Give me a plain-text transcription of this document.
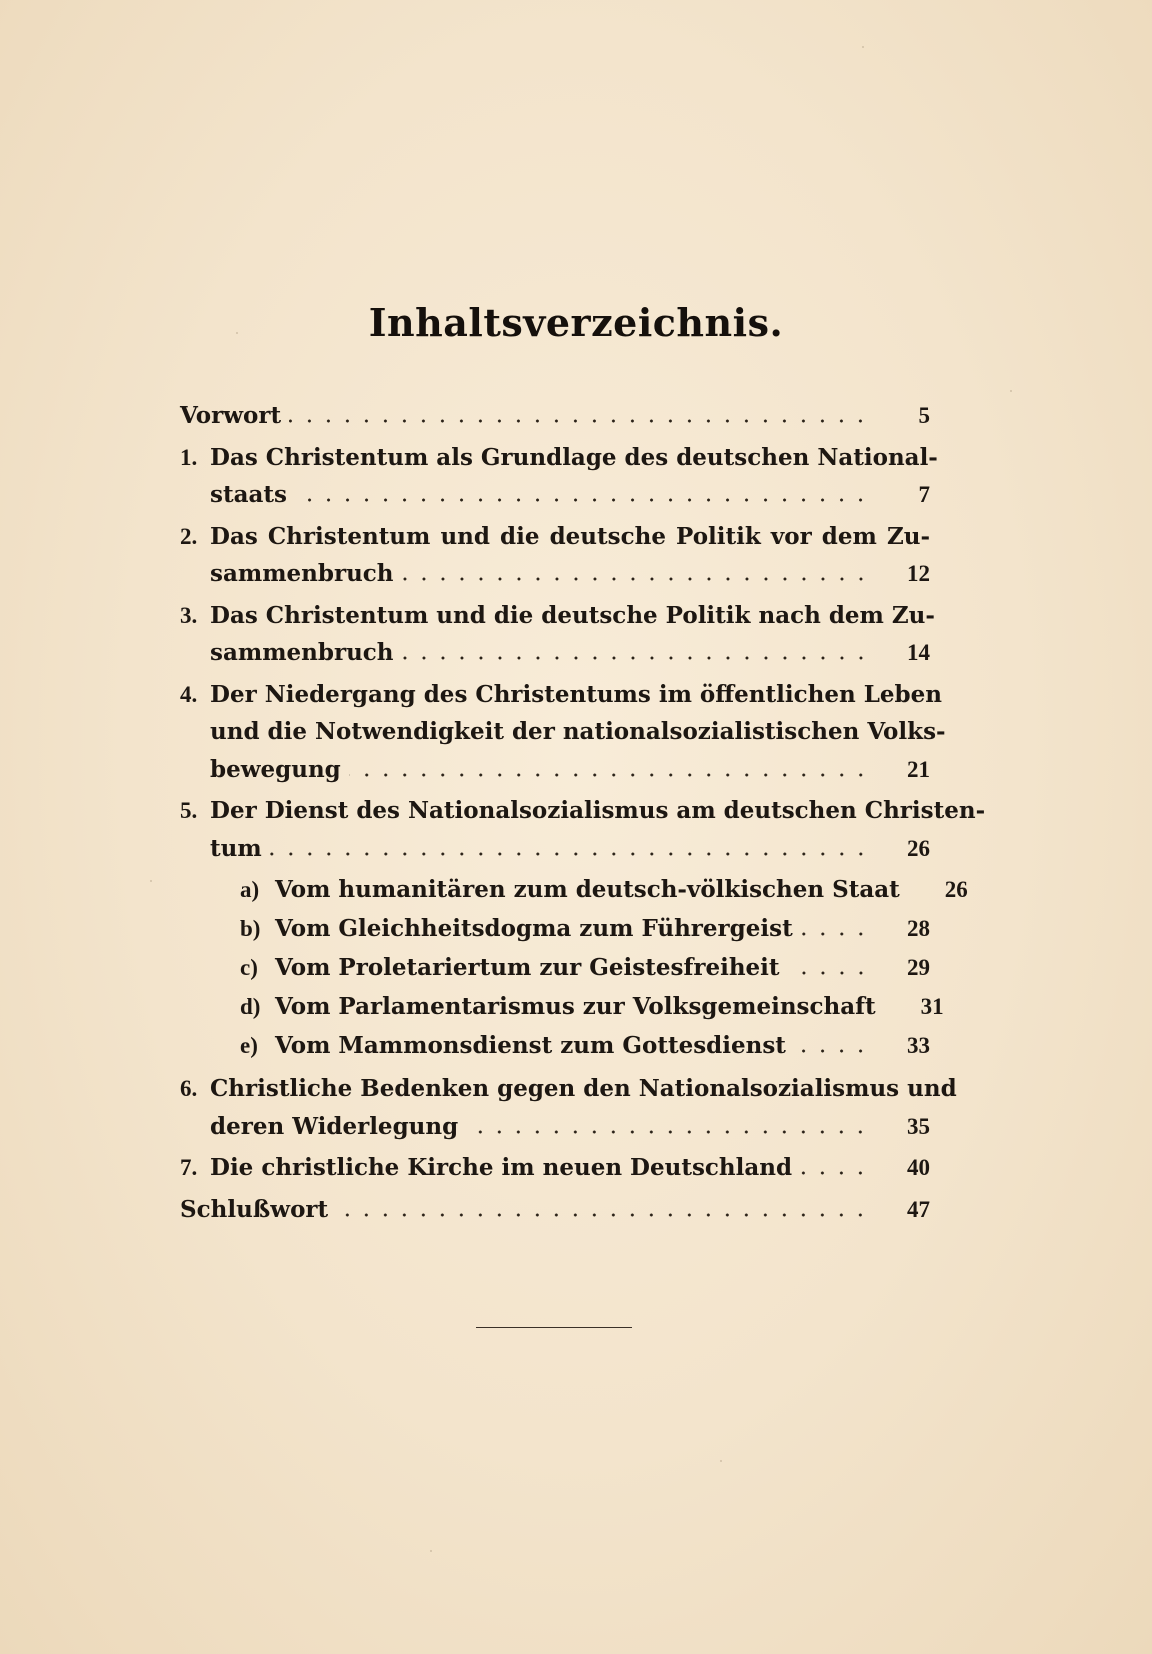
Inhaltsverzeichnis.
Vorwort	5
1. Das Christentum als Grundlage des deutschen National-
staats	7
2. Das Christentum und die deutsche Politik vor dem Zu-
sammenbruch	12
3. Das Christentum und die deutsche Politik nach dem Zu-
sammenbruch	14
4. Der Niedergang des Christentums im öffentlichen Leben
und die Notwendigkeit der nationalsozialistischen Volks-
bewegung	21
5. Der Dienst des Nationalsozialismus am deutschen Christen-
tum	26
a) Vom humanitären zum deutsch-völkischen Staat	26
b) Vom Gleichheitsdogma zum Führergeist	28
c) Vom Proletariertum zur Geistesfreiheit	29
d) Vom Parlamentarismus zur Volksgemeinschaft	31
e) Vom Mammonsdienst zum Gottesdienst	33
6. Christliche Bedenken gegen den Nationalsozialismus und
deren Widerlegung	35
7. Die christliche Kirche im neuen Deutschland	40
Schlußwort	47
